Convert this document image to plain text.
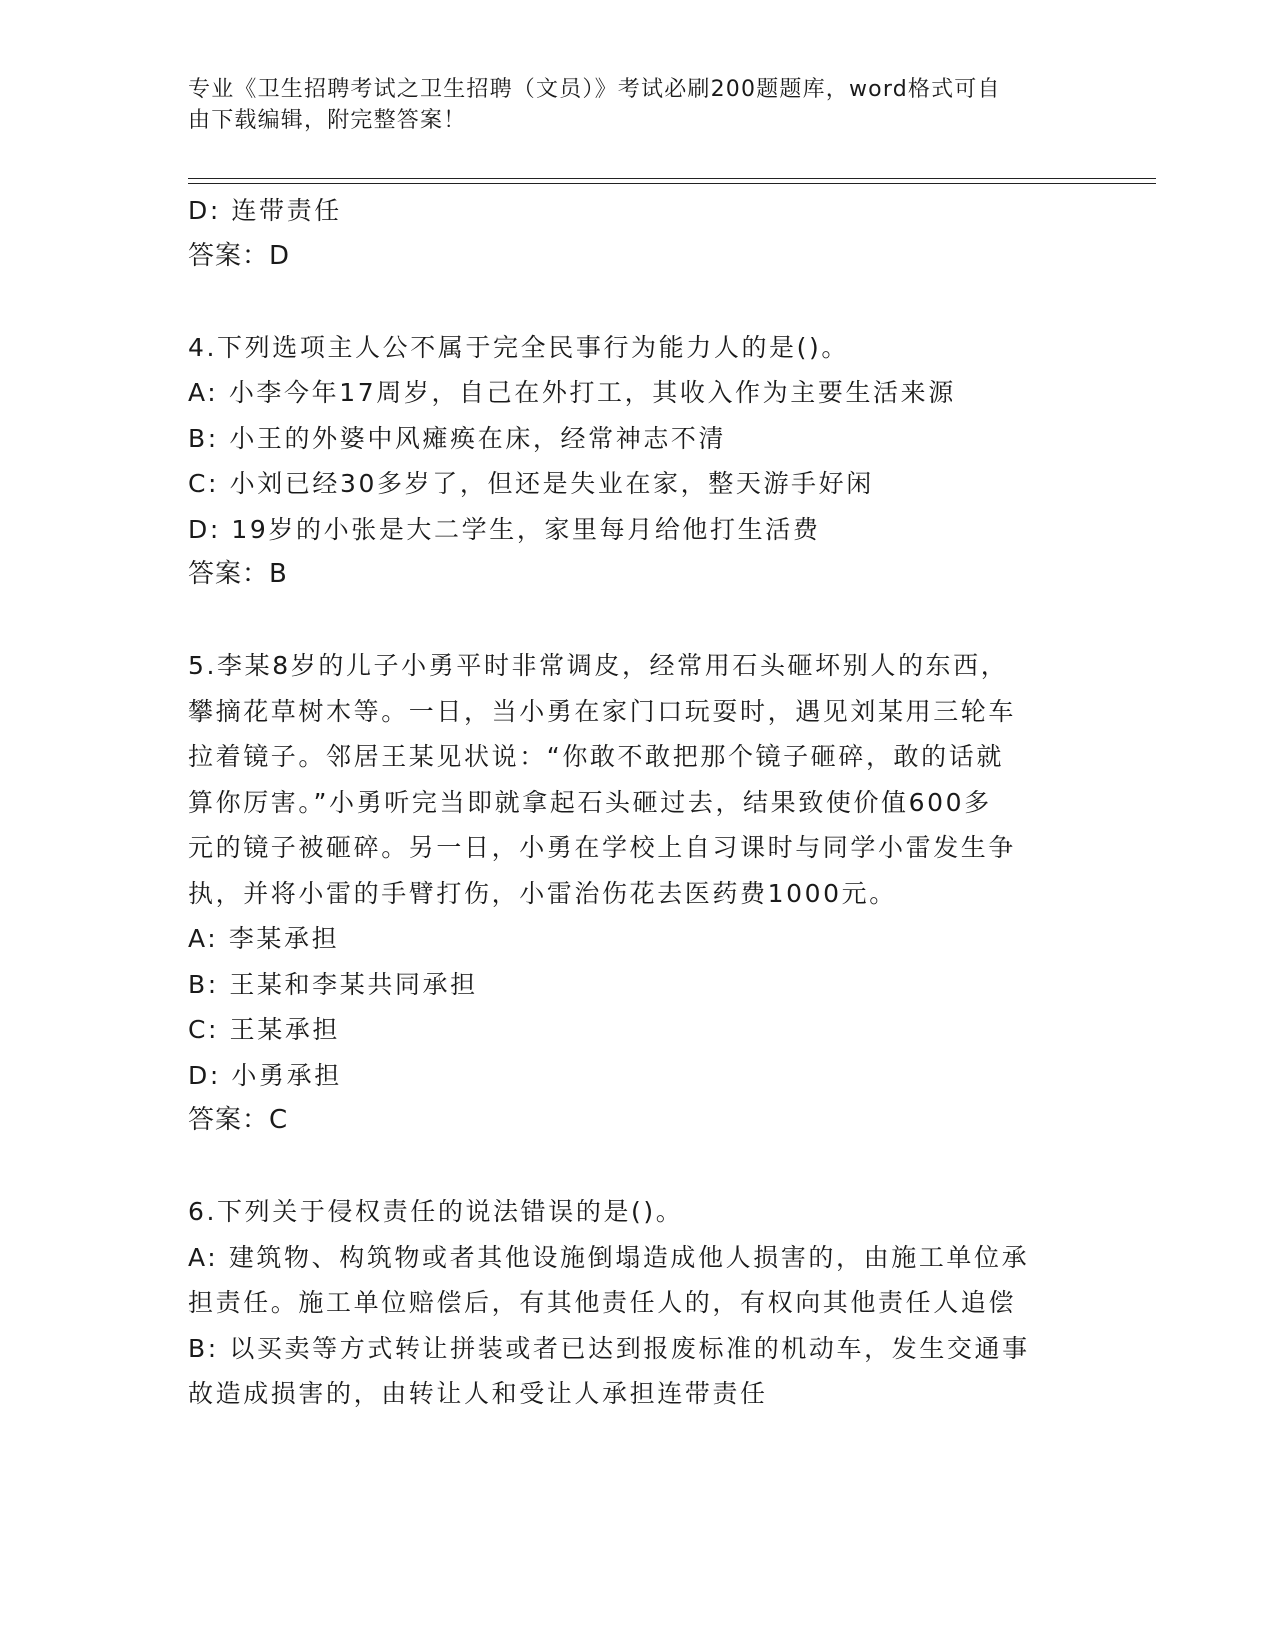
专业《卫生招聘考试之卫生招聘（文员）》考试必刷200题题库，word格式可自
由下载编辑，附完整答案！
D: 连带责任
答案：D
4.下列选项主人公不属于完全民事行为能力人的是()。
A: 小李今年17周岁，自己在外打工，其收入作为主要生活来源
B: 小王的外婆中风瘫痪在床，经常神志不清
C: 小刘已经30多岁了，但还是失业在家，整天游手好闲
D: 19岁的小张是大二学生，家里每月给他打生活费
答案：B
5.李某8岁的儿子小勇平时非常调皮，经常用石头砸坏别人的东西，
攀摘花草树木等。一日，当小勇在家门口玩耍时，遇见刘某用三轮车
拉着镜子。邻居王某见状说：“你敢不敢把那个镜子砸碎，敢的话就
算你厉害。”小勇听完当即就拿起石头砸过去，结果致使价值600多
元的镜子被砸碎。另一日，小勇在学校上自习课时与同学小雷发生争
执，并将小雷的手臂打伤，小雷治伤花去医药费1000元。
A: 李某承担
B: 王某和李某共同承担
C: 王某承担
D: 小勇承担
答案：C
6.下列关于侵权责任的说法错误的是()。
A: 建筑物、构筑物或者其他设施倒塌造成他人损害的，由施工单位承
担责任。施工单位赔偿后，有其他责任人的，有权向其他责任人追偿
B: 以买卖等方式转让拼装或者已达到报废标准的机动车，发生交通事
故造成损害的，由转让人和受让人承担连带责任
